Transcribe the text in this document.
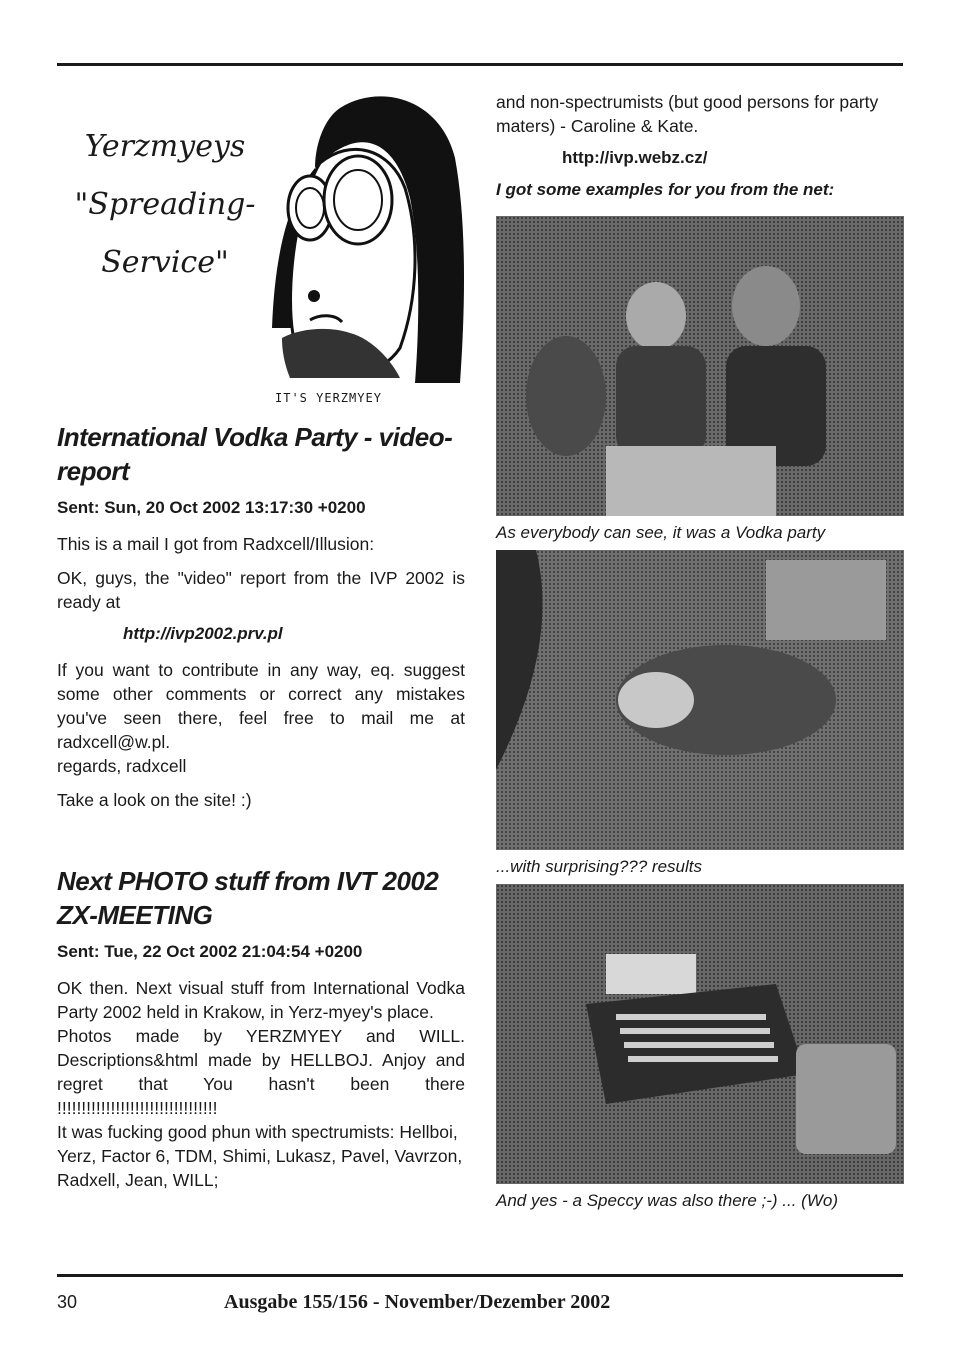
Yerzmyeys
"Spreading-
Service"
IT'S YERZMYEY
International Vodka Party - video-report
Sent: Sun, 20 Oct 2002 13:17:30 +0200

This is a mail I got from Radxcell/Illusion:

OK, guys, the "video" report from the IVP 2002 is ready at

http://ivp2002.prv.pl

If you want to contribute in any way, eq. suggest some other comments or correct any mistakes you've seen there, feel free to mail me at radxcell@w.pl.

regards, radxcell

Take a look on the site! :)

Next PHOTO stuff from IVT 2002 ZX-MEETING
Sent: Tue, 22 Oct 2002 21:04:54 +0200

OK then. Next visual stuff from International Vodka Party 2002 held in Krakow, in Yerz-myey's place.

Photos made by YERZMYEY and WILL. Descriptions&html made by HELLBOJ. Anjoy and regret that You hasn't been there !!!!!!!!!!!!!!!!!!!!!!!!!!!!!!!!!

It was fucking good phun with spectrumists: Hellboi, Yerz, Factor 6, TDM, Shimi, Lukasz, Pavel, Vavrzon, Radxell, Jean, WILL;

and non-spectrumists (but good persons for party maters) - Caroline & Kate.

http://ivp.webz.cz/
I got some examples for you from the net:
As everybody can see, it was a Vodka party
...with surprising??? results
And yes - a Speccy was also there ;-) ... (Wo)
30	Ausgabe 155/156 - November/Dezember 2002
